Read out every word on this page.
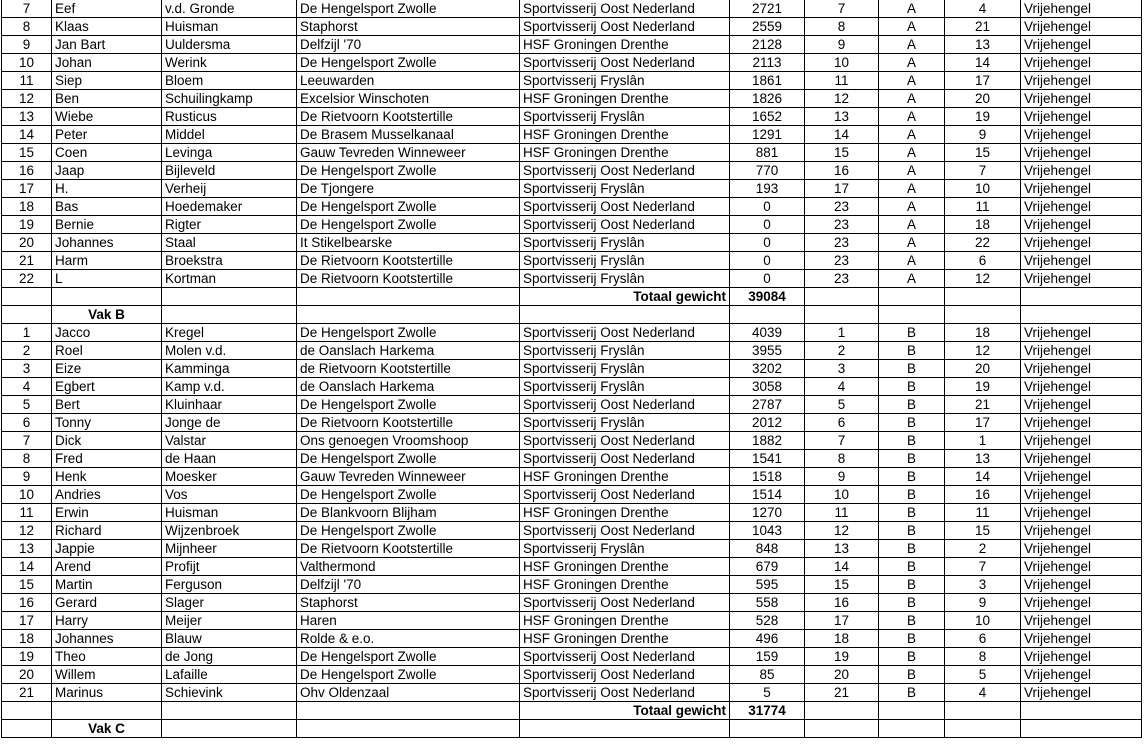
7	Eef	v.d. Gronde	De Hengelsport Zwolle	Sportvisserij Oost Nederland	2721	7	A	4	Vrijehengel
8	Klaas	Huisman	Staphorst	Sportvisserij Oost Nederland	2559	8	A	21	Vrijehengel
9	Jan Bart	Uuldersma	Delfzijl '70	HSF Groningen Drenthe	2128	9	A	13	Vrijehengel
10	Johan	Werink	De Hengelsport Zwolle	Sportvisserij Oost Nederland	2113	10	A	14	Vrijehengel
11	Siep	Bloem	Leeuwarden	Sportvisserij Fryslân	1861	11	A	17	Vrijehengel
12	Ben	Schuilingkamp	Excelsior Winschoten	HSF Groningen Drenthe	1826	12	A	20	Vrijehengel
13	Wiebe	Rusticus	De Rietvoorn Kootstertille	Sportvisserij Fryslân	1652	13	A	19	Vrijehengel
14	Peter	Middel	De Brasem Musselkanaal	HSF Groningen Drenthe	1291	14	A	9	Vrijehengel
15	Coen	Levinga	Gauw Tevreden Winneweer	HSF Groningen Drenthe	881	15	A	15	Vrijehengel
16	Jaap	Bijleveld	De Hengelsport Zwolle	Sportvisserij Oost Nederland	770	16	A	7	Vrijehengel
17	H.	Verheij	De Tjongere	Sportvisserij Fryslân	193	17	A	10	Vrijehengel
18	Bas	Hoedemaker	De Hengelsport Zwolle	Sportvisserij Oost Nederland	0	23	A	11	Vrijehengel
19	Bernie	Rigter	De Hengelsport Zwolle	Sportvisserij Oost Nederland	0	23	A	18	Vrijehengel
20	Johannes	Staal	It Stikelbearske	Sportvisserij Fryslân	0	23	A	22	Vrijehengel
21	Harm	Broekstra	De Rietvoorn Kootstertille	Sportvisserij Fryslân	0	23	A	6	Vrijehengel
22	L	Kortman	De Rietvoorn Kootstertille	Sportvisserij Fryslân	0	23	A	12	Vrijehengel
				Totaal gewicht	39084				
	Vak B								
1	Jacco	Kregel	De Hengelsport Zwolle	Sportvisserij Oost Nederland	4039	1	B	18	Vrijehengel
2	Roel	Molen v.d.	de Oanslach Harkema	Sportvisserij Fryslân	3955	2	B	12	Vrijehengel
3	Eize	Kamminga	de Rietvoorn Kootstertille	Sportvisserij Fryslân	3202	3	B	20	Vrijehengel
4	Egbert	Kamp v.d.	de Oanslach Harkema	Sportvisserij Fryslân	3058	4	B	19	Vrijehengel
5	Bert	Kluinhaar	De Hengelsport Zwolle	Sportvisserij Oost Nederland	2787	5	B	21	Vrijehengel
6	Tonny	Jonge de	De Rietvoorn Kootstertille	Sportvisserij Fryslân	2012	6	B	17	Vrijehengel
7	Dick	Valstar	Ons genoegen Vroomshoop	Sportvisserij Oost Nederland	1882	7	B	1	Vrijehengel
8	Fred	de Haan	De Hengelsport Zwolle	Sportvisserij Oost Nederland	1541	8	B	13	Vrijehengel
9	Henk	Moesker	Gauw Tevreden Winneweer	HSF Groningen Drenthe	1518	9	B	14	Vrijehengel
10	Andries	Vos	De Hengelsport Zwolle	Sportvisserij Oost Nederland	1514	10	B	16	Vrijehengel
11	Erwin	Huisman	De Blankvoorn Blijham	HSF Groningen Drenthe	1270	11	B	11	Vrijehengel
12	Richard	Wijzenbroek	De Hengelsport Zwolle	Sportvisserij Oost Nederland	1043	12	B	15	Vrijehengel
13	Jappie	Mijnheer	De Rietvoorn Kootstertille	Sportvisserij Fryslân	848	13	B	2	Vrijehengel
14	Arend	Profijt	Valthermond	HSF Groningen Drenthe	679	14	B	7	Vrijehengel
15	Martin	Ferguson	Delfzijl '70	HSF Groningen Drenthe	595	15	B	3	Vrijehengel
16	Gerard	Slager	Staphorst	Sportvisserij Oost Nederland	558	16	B	9	Vrijehengel
17	Harry	Meijer	Haren	HSF Groningen Drenthe	528	17	B	10	Vrijehengel
18	Johannes	Blauw	Rolde & e.o.	HSF Groningen Drenthe	496	18	B	6	Vrijehengel
19	Theo	de Jong	De Hengelsport Zwolle	Sportvisserij Oost Nederland	159	19	B	8	Vrijehengel
20	Willem	Lafaille	De Hengelsport Zwolle	Sportvisserij Oost Nederland	85	20	B	5	Vrijehengel
21	Marinus	Schievink	Ohv Oldenzaal	Sportvisserij Oost Nederland	5	21	B	4	Vrijehengel
				Totaal gewicht	31774				
	Vak C								
